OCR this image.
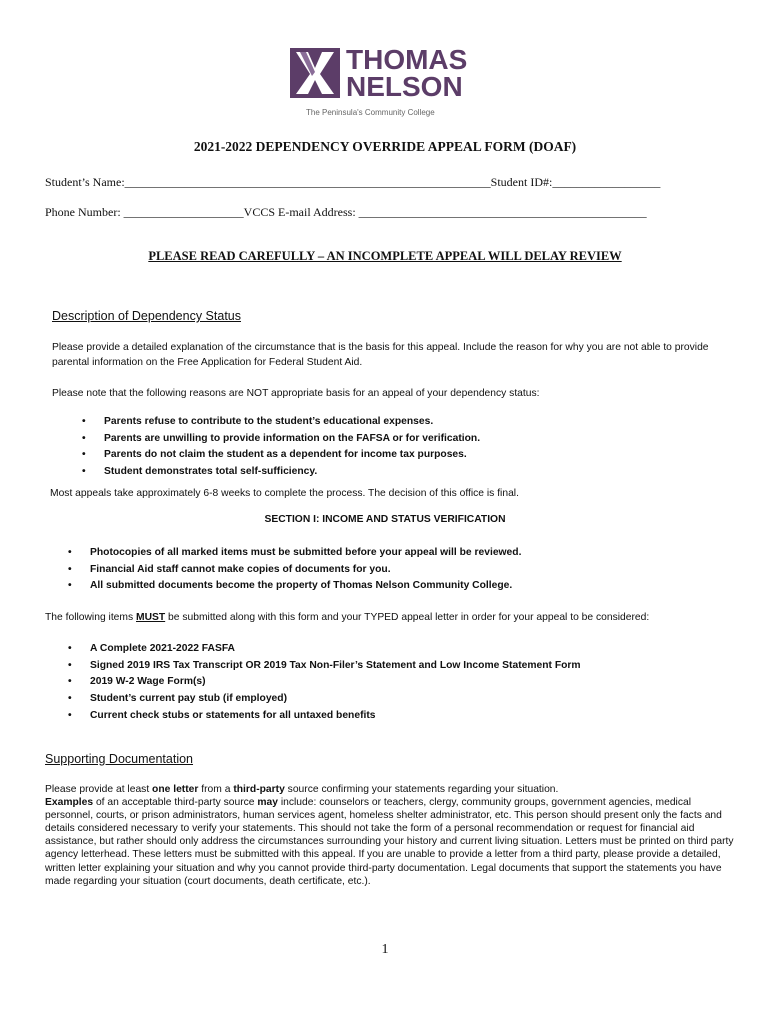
THOMAS
NELSON
The Peninsula's Community College
2021-2022 DEPENDENCY OVERRIDE APPEAL FORM (DOAF)
Student’s Name:_____________________________________________________________Student ID#:__________________
Phone Number: ____________________VCCS E-mail Address: ________________________________________________
PLEASE READ CAREFULLY – AN INCOMPLETE APPEAL WILL DELAY REVIEW
Description of Dependency Status
Please provide a detailed explanation of the circumstance that is the basis for this appeal. Include the reason for why you are not able to provide parental information on the Free Application for Federal Student Aid.
Please note that the following reasons are NOT appropriate basis for an appeal of your dependency status:
• Parents refuse to contribute to the student’s educational expenses.
• Parents are unwilling to provide information on the FAFSA or for verification.
• Parents do not claim the student as a dependent for income tax purposes.
• Student demonstrates total self-sufficiency.
Most appeals take approximately 6-8 weeks to complete the process. The decision of this office is final.
SECTION I: INCOME AND STATUS VERIFICATION
• Photocopies of all marked items must be submitted before your appeal will be reviewed.
• Financial Aid staff cannot make copies of documents for you.
• All submitted documents become the property of Thomas Nelson Community College.
The following items MUST be submitted along with this form and your TYPED appeal letter in order for your appeal to be considered:
• A Complete 2021-2022 FASFA
• Signed 2019 IRS Tax Transcript OR 2019 Tax Non-Filer’s Statement and Low Income Statement Form
• 2019 W-2 Wage Form(s)
• Student’s current pay stub (if employed)
• Current check stubs or statements for all untaxed benefits
Supporting Documentation
Please provide at least one letter from a third-party source confirming your statements regarding your situation.
Examples of an acceptable third-party source may include: counselors or teachers, clergy, community groups, government agencies, medical personnel, courts, or prison administrators, human services agent, homeless shelter administrator, etc. This person should present only the facts and details considered necessary to verify your statements. This should not take the form of a personal recommendation or request for financial aid assistance, but rather should only address the circumstances surrounding your history and current living situation. Letters must be printed on third party agency letterhead. These letters must be submitted with this appeal. If you are unable to provide a letter from a third party, please provide a detailed, written letter explaining your situation and why you cannot provide third-party documentation. Legal documents that support the statements you have made regarding your situation (court documents, death certificate, etc.).
1
